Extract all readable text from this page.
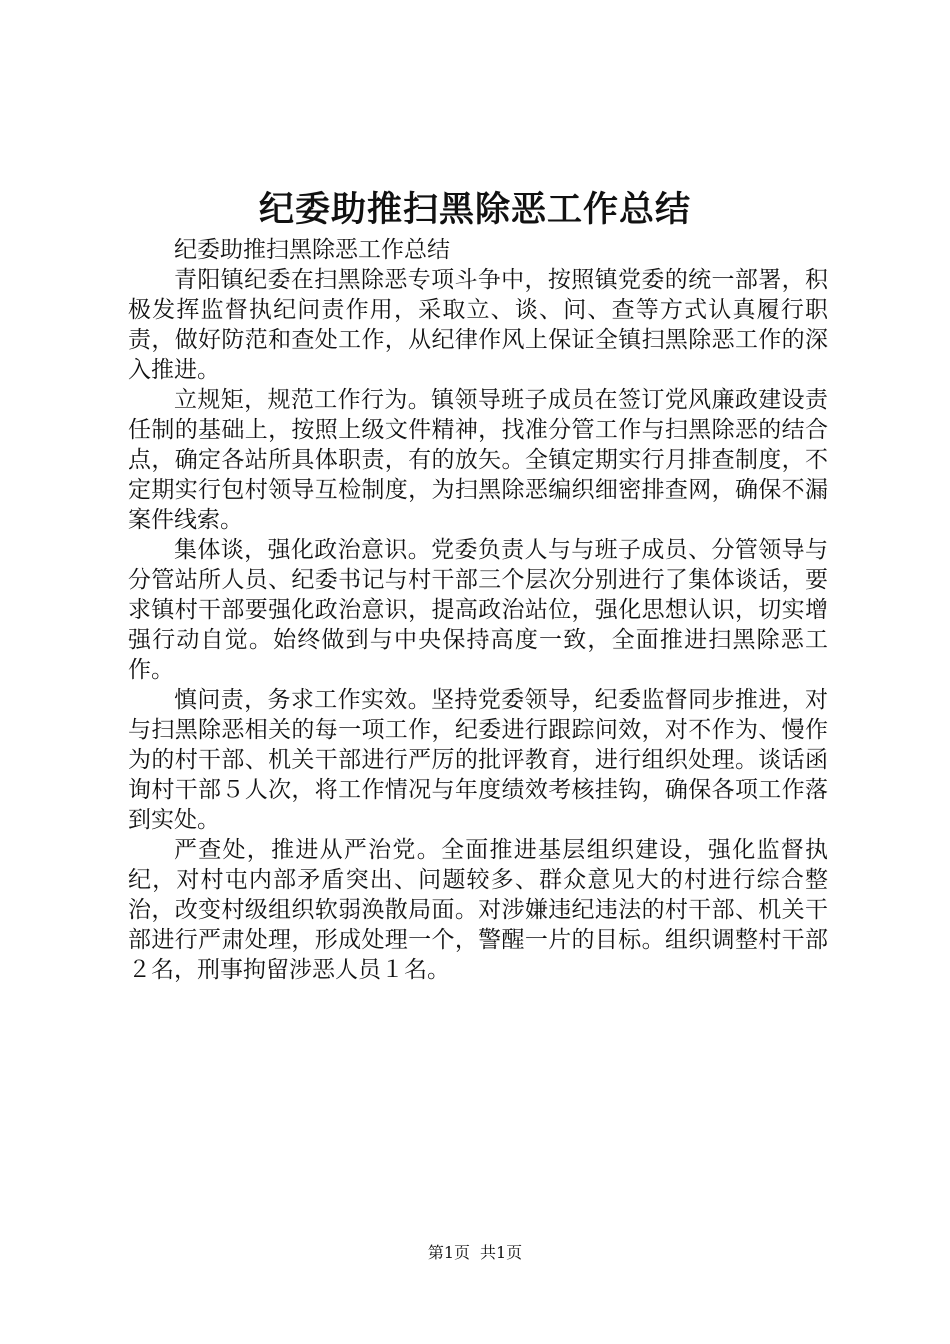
纪委助推扫黑除恶工作总结

纪委助推扫黑除恶工作总结

青阳镇纪委在扫黑除恶专项斗争中，按照镇党委的统一部署，积极发挥监督执纪问责作用，采取立、谈、问、查等方式认真履行职责，做好防范和查处工作，从纪律作风上保证全镇扫黑除恶工作的深入推进。

立规矩，规范工作行为。镇领导班子成员在签订党风廉政建设责任制的基础上，按照上级文件精神，找准分管工作与扫黑除恶的结合点，确定各站所具体职责，有的放矢。全镇定期实行月排查制度，不定期实行包村领导互检制度，为扫黑除恶编织细密排查网，确保不漏案件线索。

集体谈，强化政治意识。党委负责人与与班子成员、分管领导与分管站所人员、纪委书记与村干部三个层次分别进行了集体谈话，要求镇村干部要强化政治意识，提高政治站位，强化思想认识，切实增强行动自觉。始终做到与中央保持高度一致，全面推进扫黑除恶工作。

慎问责，务求工作实效。坚持党委领导，纪委监督同步推进，对与扫黑除恶相关的每一项工作，纪委进行跟踪问效，对不作为、慢作为的村干部、机关干部进行严厉的批评教育，进行组织处理。谈话函询村干部５人次，将工作情况与年度绩效考核挂钩，确保各项工作落到实处。

严查处，推进从严治党。全面推进基层组织建设，强化监督执纪，对村屯内部矛盾突出、问题较多、群众意见大的村进行综合整治，改变村级组织软弱涣散局面。对涉嫌违纪违法的村干部、机关干部进行严肃处理，形成处理一个，警醒一片的目标。组织调整村干部２名，刑事拘留涉恶人员１名。

第1页 共1页
